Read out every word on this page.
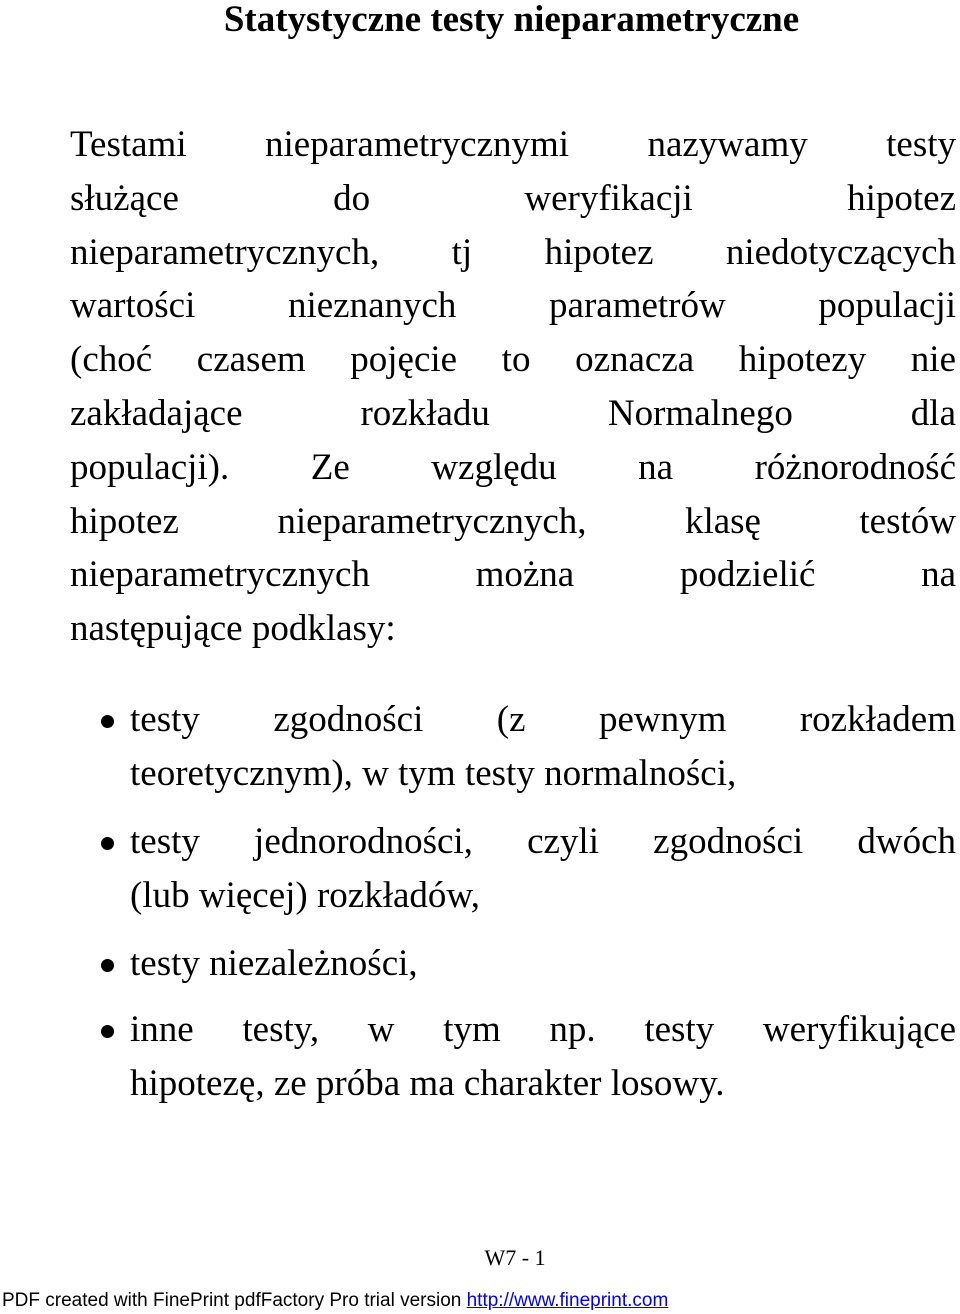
Statystyczne testy nieparametryczne
Testami nieparametrycznymi nazywamy testy
służące do weryfikacji hipotez
nieparametrycznych, tj hipotez niedotyczących
wartości nieznanych parametrów populacji
(choć czasem pojęcie to oznacza hipotezy nie
zakładające rozkładu Normalnego dla
populacji). Ze względu na różnorodność
hipotez nieparametrycznych, klasę testów
nieparametrycznych można podzielić na
następujące podklasy:
testy zgodności (z pewnym rozkładem
teoretycznym), w tym testy normalności,
testy jednorodności, czyli zgodności dwóch
(lub więcej) rozkładów,
testy niezależności,
inne testy, w tym np. testy weryfikujące
hipotezę, ze próba ma charakter losowy.
W7 - 1
PDF created with FinePrint pdfFactory Pro trial version http://www.fineprint.com
